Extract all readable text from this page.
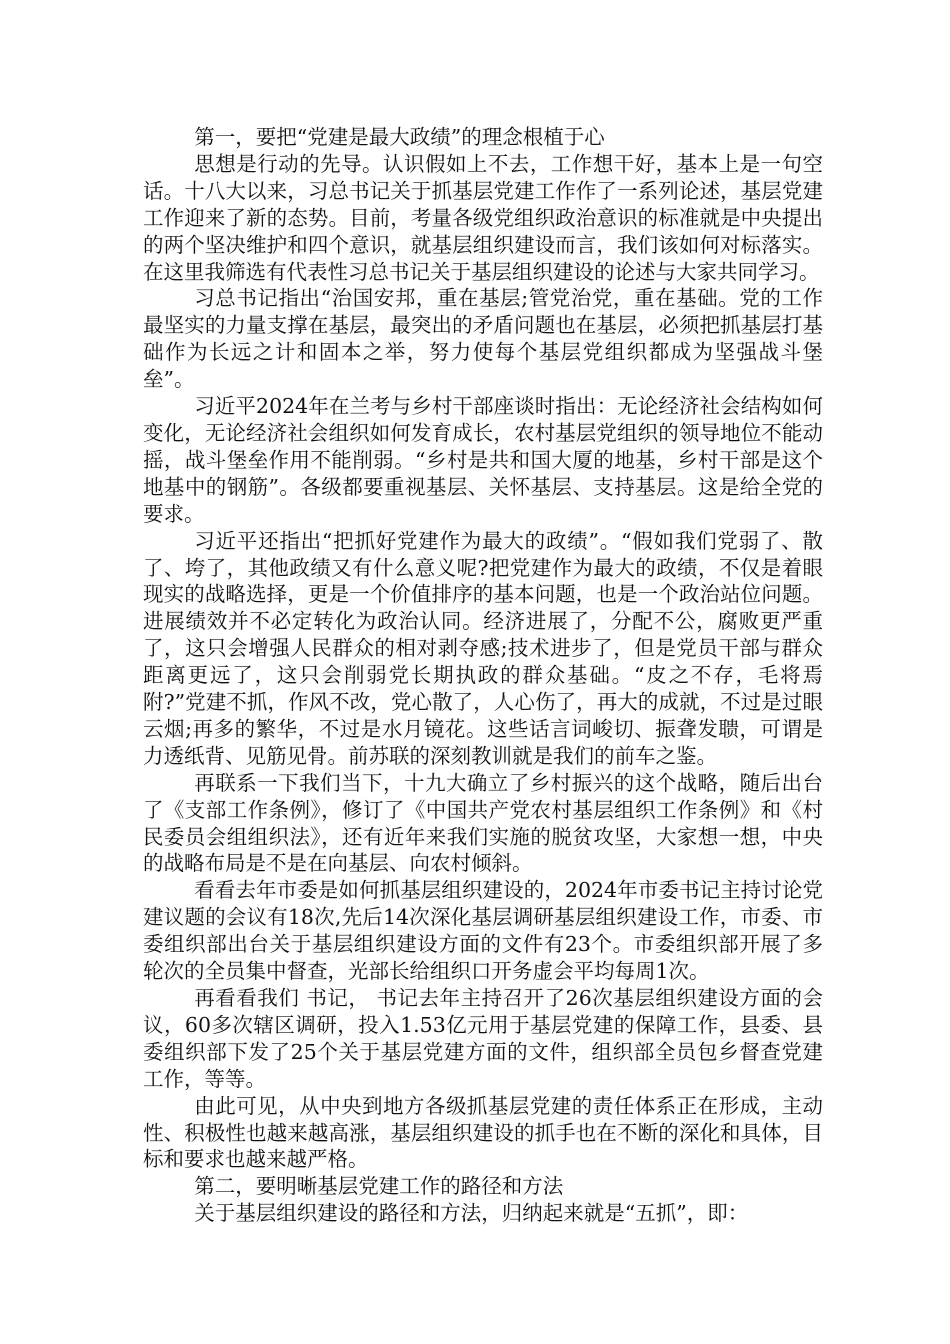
第一，要把“党建是最大政绩”的理念根植于心

思想是行动的先导。认识假如上不去，工作想干好，基本上是一句空话。十八大以来，习总书记关于抓基层党建工作作了一系列论述，基层党建工作迎来了新的态势。目前，考量各级党组织政治意识的标准就是中央提出的两个坚决维护和四个意识，就基层组织建设而言，我们该如何对标落实。在这里我筛选有代表性习总书记关于基层组织建设的论述与大家共同学习。

习总书记指出“治国安邦，重在基层;管党治党，重在基础。党的工作最坚实的力量支撑在基层，最突出的矛盾问题也在基层，必须把抓基层打基础作为长远之计和固本之举，努力使每个基层党组织都成为坚强战斗堡垒”。

习近平2024年在兰考与乡村干部座谈时指出：无论经济社会结构如何变化，无论经济社会组织如何发育成长，农村基层党组织的领导地位不能动摇，战斗堡垒作用不能削弱。“乡村是共和国大厦的地基，乡村干部是这个地基中的钢筋”。各级都要重视基层、关怀基层、支持基层。这是给全党的要求。

习近平还指出“把抓好党建作为最大的政绩”。“假如我们党弱了、散了、垮了，其他政绩又有什么意义呢?把党建作为最大的政绩，不仅是着眼现实的战略选择，更是一个价值排序的基本问题，也是一个政治站位问题。进展绩效并不必定转化为政治认同。经济进展了，分配不公，腐败更严重了，这只会增强人民群众的相对剥夺感;技术进步了，但是党员干部与群众距离更远了，这只会削弱党长期执政的群众基础。“皮之不存，毛将焉附?”党建不抓，作风不改，党心散了，人心伤了，再大的成就，不过是过眼云烟;再多的繁华，不过是水月镜花。这些话言词峻切、振聋发聩，可谓是力透纸背、见筋见骨。前苏联的深刻教训就是我们的前车之鉴。

再联系一下我们当下，十九大确立了乡村振兴的这个战略，随后出台了《支部工作条例》，修订了《中国共产党农村基层组织工作条例》和《村民委员会组组织法》，还有近年来我们实施的脱贫攻坚，大家想一想，中央的战略布局是不是在向基层、向农村倾斜。

看看去年市委是如何抓基层组织建设的，2024年市委书记主持讨论党建议题的会议有18次,先后14次深化基层调研基层组织建设工作，市委、市委组织部出台关于基层组织建设方面的文件有23个。市委组织部开展了多轮次的全员集中督查，光部长给组织口开务虚会平均每周1次。

再看看我们 书记， 书记去年主持召开了26次基层组织建设方面的会议，60多次辖区调研，投入1.53亿元用于基层党建的保障工作，县委、县委组织部下发了25个关于基层党建方面的文件，组织部全员包乡督查党建工作，等等。

由此可见，从中央到地方各级抓基层党建的责任体系正在形成，主动性、积极性也越来越高涨，基层组织建设的抓手也在不断的深化和具体，目标和要求也越来越严格。

第二，要明晰基层党建工作的路径和方法

关于基层组织建设的路径和方法，归纳起来就是“五抓”，即：
